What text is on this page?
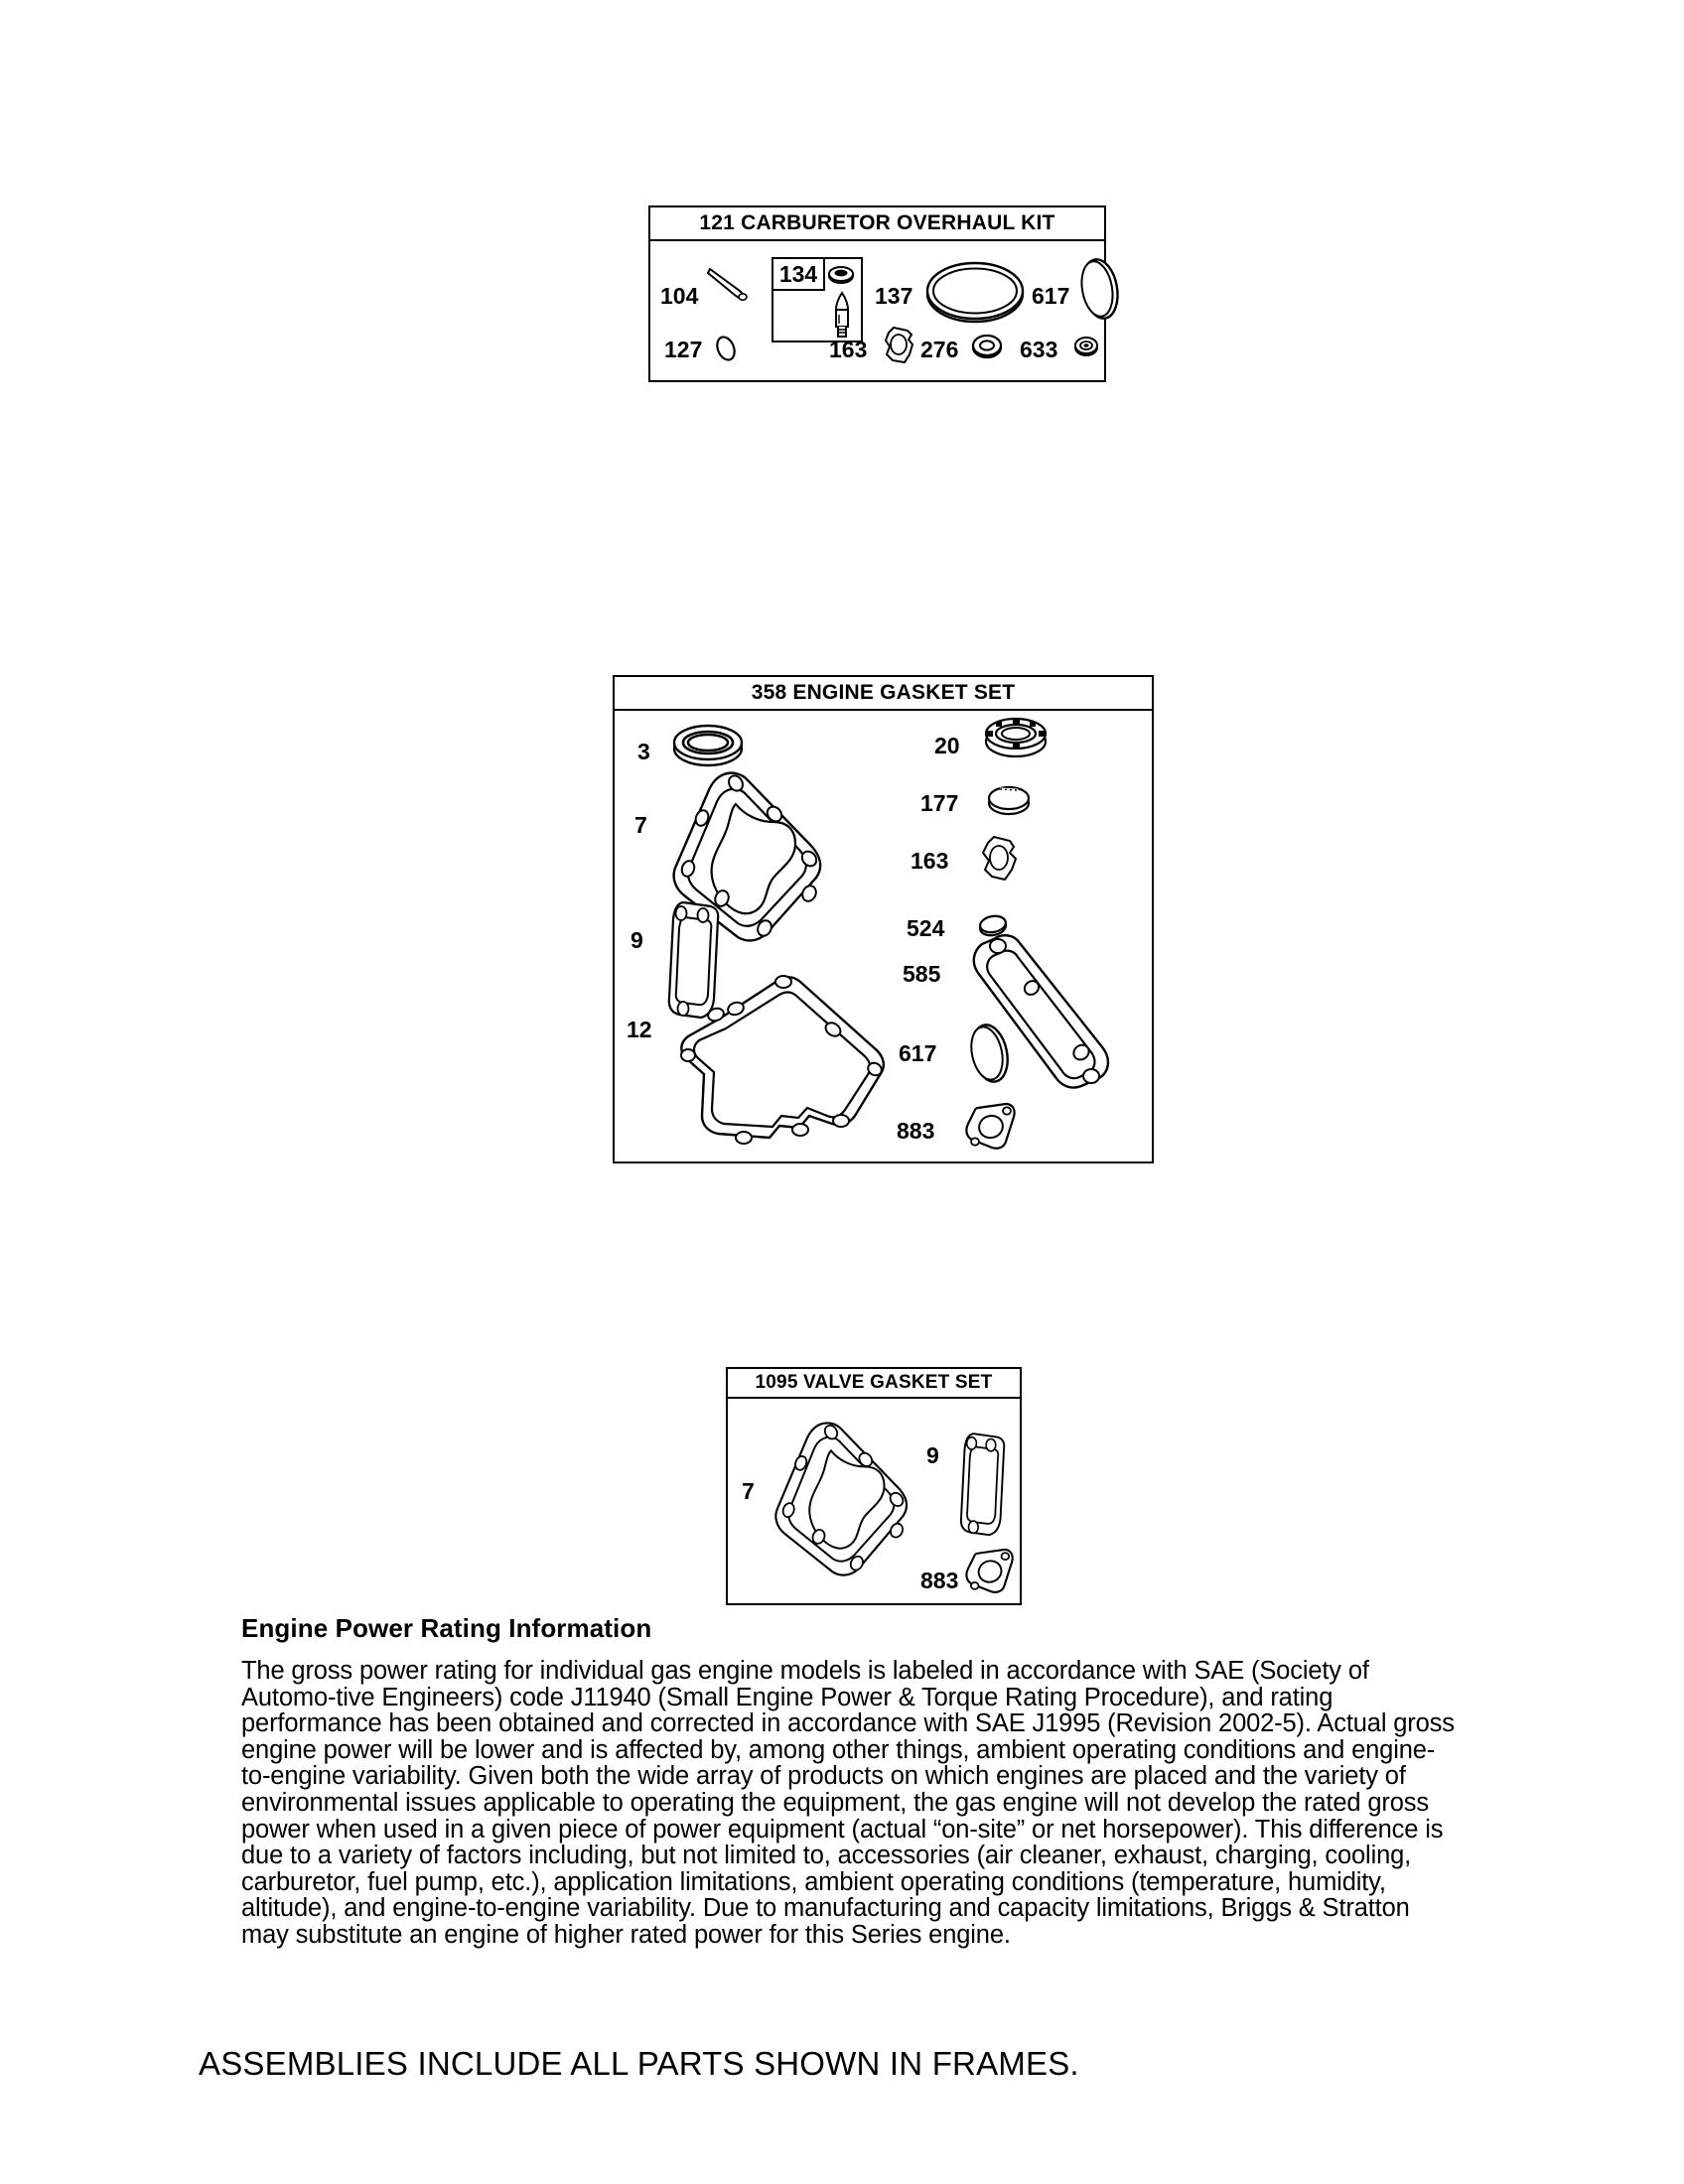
121 CARBURETOR OVERHAUL KIT
104
134
137	617
127	163 276	633
358 ENGINE GASKET SET
3
7
9
12
20
177
163
524
585
617
883
1095 VALVE GASKET SET
7
9
883
Engine Power Rating Information

The gross power rating for individual gas engine models is labeled in accordance with SAE (Society of Automo-tive Engineers) code J11940 (Small Engine Power & Torque Rating Procedure), and rating performance has been obtained and corrected in accordance with SAE J1995 (Revision 2002-5). Actual gross engine power will be lower and is affected by, among other things, ambient operating conditions and engine-to-engine variability. Given both the wide array of products on which engines are placed and the variety of environmental issues applicable to operating the equipment, the gas engine will not develop the rated gross power when used in a given piece of power equipment (actual “on-site” or net horsepower). This difference is due to a variety of factors including, but not limited to, accessories (air cleaner, exhaust, charging, cooling, carburetor, fuel pump, etc.), application limitations, ambient operating conditions (temperature, humidity, altitude), and engine-to-engine variability. Due to manufacturing and capacity limitations, Briggs & Stratton may substitute an engine of higher rated power for this Series engine.

ASSEMBLIES INCLUDE ALL PARTS SHOWN IN FRAMES.
